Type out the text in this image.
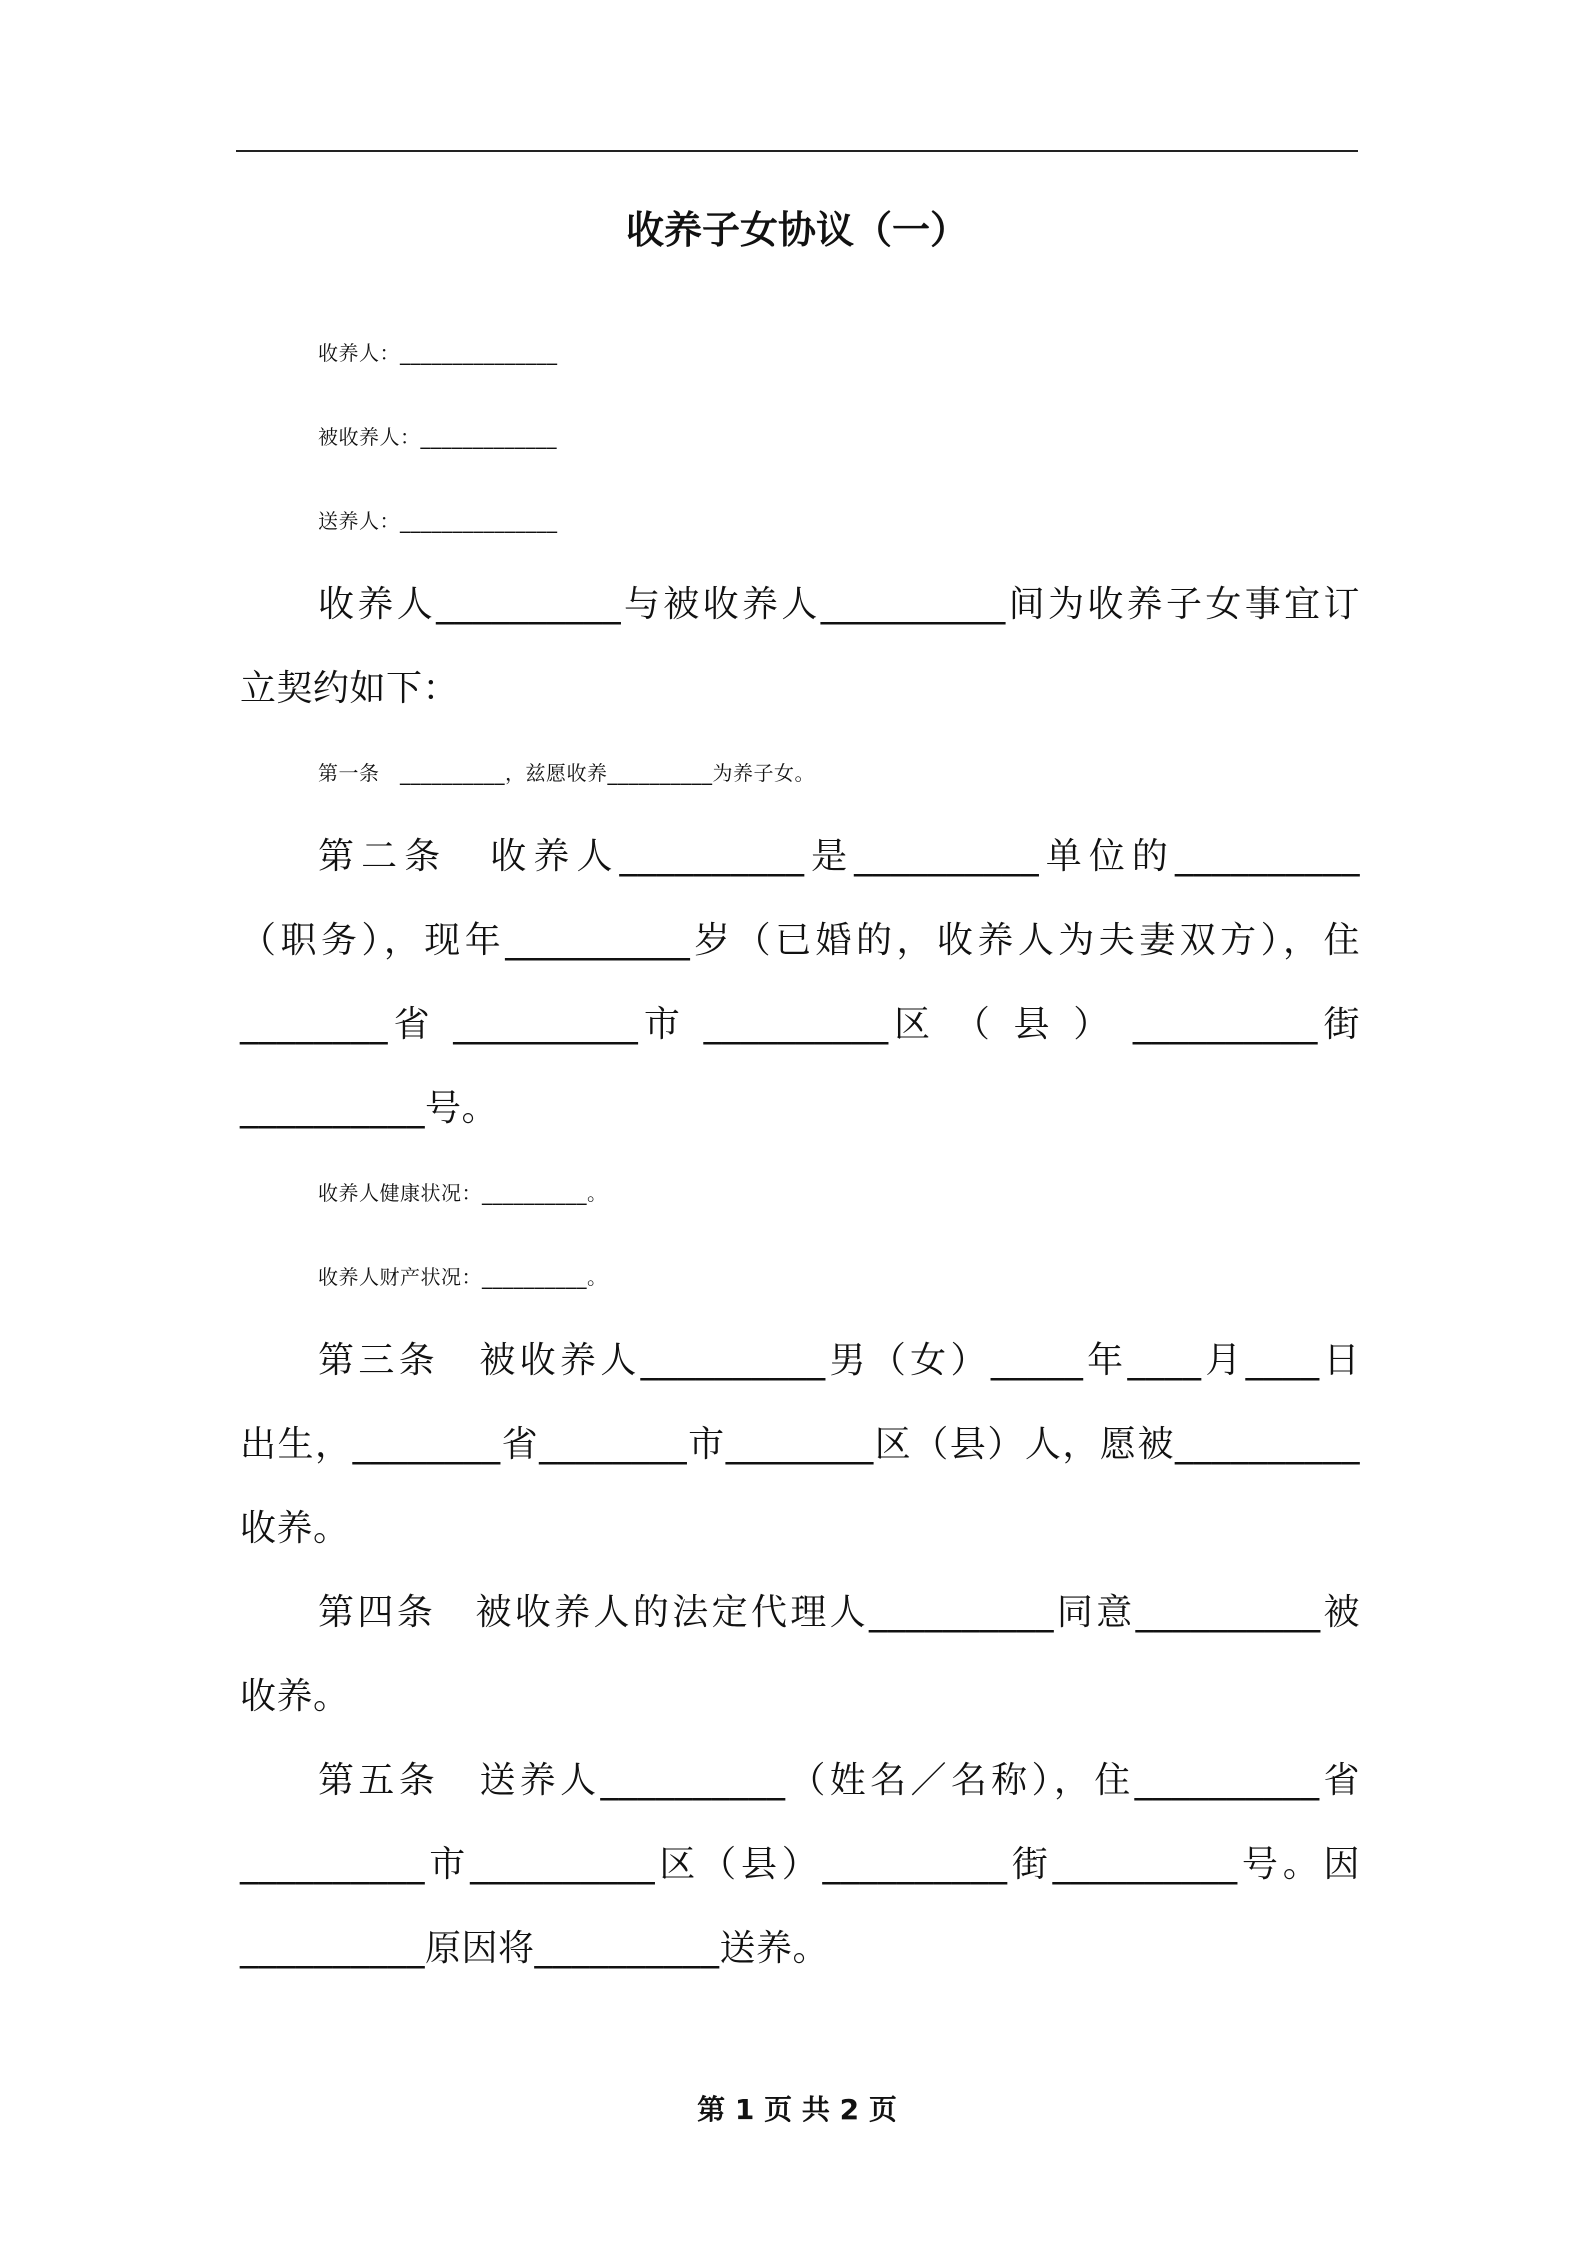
收养子女协议（一）
收养人：_______________
被收养人：_____________
送养人：_______________
收养人__________与被收养人__________间为收养子女事宜订
立契约如下：
第一条　__________，兹愿收养__________为养子女。
第二条　收养人__________是__________单位的__________
（职务），现年__________岁（已婚的，收养人为夫妻双方），住
________省 __________市 __________区 （ 县 ） __________街
__________号。
收养人健康状况：__________。
收养人财产状况：__________。
第三条　被收养人__________男（女）_____年____月____日
出生，________省________市________区（县）人，愿被__________
收养。
第四条　被收养人的法定代理人__________同意__________被
收养。
第五条　送养人__________（姓名／名称），住__________省
__________市__________区（县）__________街__________号。因
__________原因将__________送养。
第 1 页 共 2 页
